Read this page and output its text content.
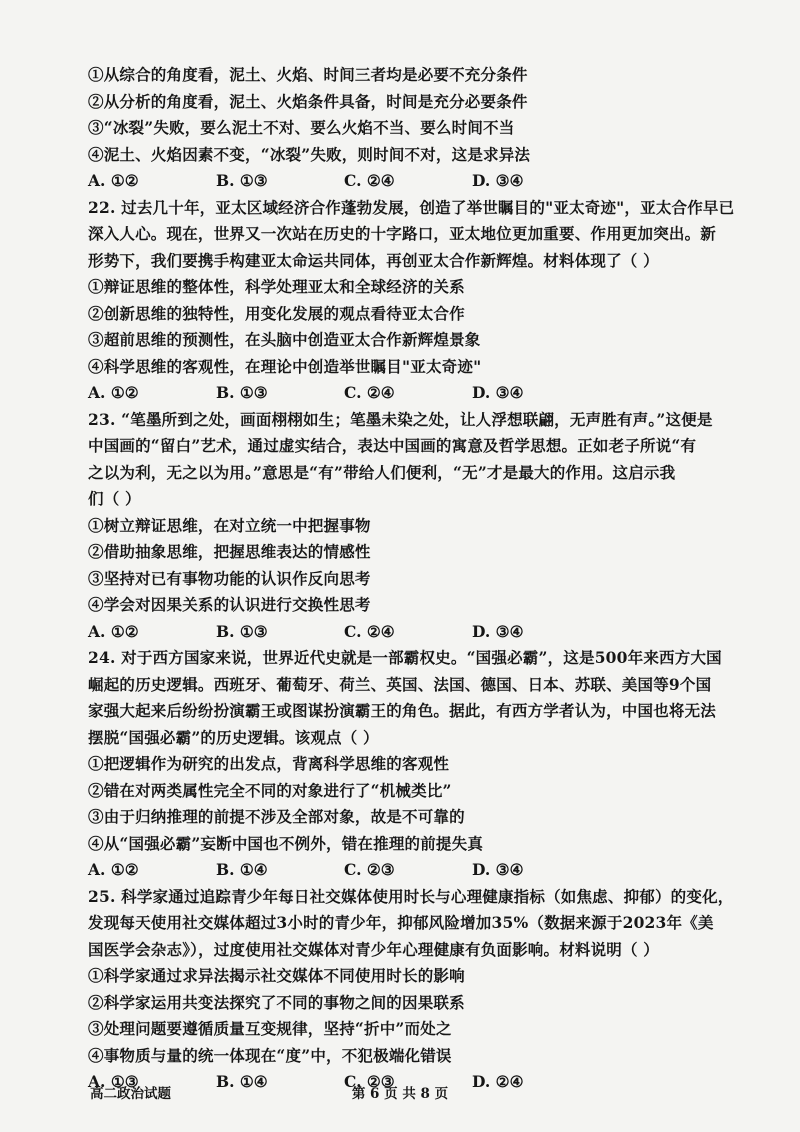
①从综合的角度看，泥土、火焰、时间三者均是必要不充分条件
②从分析的角度看，泥土、火焰条件具备，时间是充分必要条件
③“冰裂”失败，要么泥土不对、要么火焰不当、要么时间不当
④泥土、火焰因素不变，“冰裂”失败，则时间不对，这是求异法
A. ①②	B. ①③	C. ②④	D. ③④
22. 过去几十年，亚太区域经济合作蓬勃发展，创造了举世瞩目的"亚太奇迹"，亚太合作早已
深入人心。现在，世界又一次站在历史的十字路口，亚太地位更加重要、作用更加突出。新
形势下，我们要携手构建亚太命运共同体，再创亚太合作新辉煌。材料体现了（ ）
①辩证思维的整体性，科学处理亚太和全球经济的关系
②创新思维的独特性，用变化发展的观点看待亚太合作
③超前思维的预测性，在头脑中创造亚太合作新辉煌景象
④科学思维的客观性，在理论中创造举世瞩目"亚太奇迹"
A. ①②	B. ①③	C. ②④	D. ③④
23. “笔墨所到之处，画面栩栩如生；笔墨未染之处，让人浮想联翩，无声胜有声。”这便是
中国画的“留白”艺术，通过虚实结合，表达中国画的寓意及哲学思想。正如老子所说“有
之以为利，无之以为用。”意思是“有”带给人们便利，“无”才是最大的作用。这启示我
们（ ）
①树立辩证思维，在对立统一中把握事物
②借助抽象思维，把握思维表达的情感性
③坚持对已有事物功能的认识作反向思考
④学会对因果关系的认识进行交换性思考
A. ①②	B. ①③	C. ②④	D. ③④
24. 对于西方国家来说，世界近代史就是一部霸权史。“国强必霸”，这是500年来西方大国
崛起的历史逻辑。西班牙、葡萄牙、荷兰、英国、法国、德国、日本、苏联、美国等9个国
家强大起来后纷纷扮演霸王或图谋扮演霸王的角色。据此，有西方学者认为，中国也将无法
摆脱“国强必霸”的历史逻辑。该观点（ ）
①把逻辑作为研究的出发点，背离科学思维的客观性
②错在对两类属性完全不同的对象进行了“机械类比”
③由于归纳推理的前提不涉及全部对象，故是不可靠的
④从“国强必霸”妄断中国也不例外，错在推理的前提失真
A. ①②	B. ①④	C. ②③	D. ③④
25. 科学家通过追踪青少年每日社交媒体使用时长与心理健康指标（如焦虑、抑郁）的变化，
发现每天使用社交媒体超过3小时的青少年，抑郁风险增加35%（数据来源于2023年《美
国医学会杂志》），过度使用社交媒体对青少年心理健康有负面影响。材料说明（ ）
①科学家通过求异法揭示社交媒体不同使用时长的影响
②科学家运用共变法探究了不同的事物之间的因果联系
③处理问题要遵循质量互变规律，坚持“折中”而处之
④事物质与量的统一体现在“度”中，不犯极端化错误
A. ①③	B. ①④	C. ②③	D. ②④
高二政治试题	第 6 页 共 8 页
